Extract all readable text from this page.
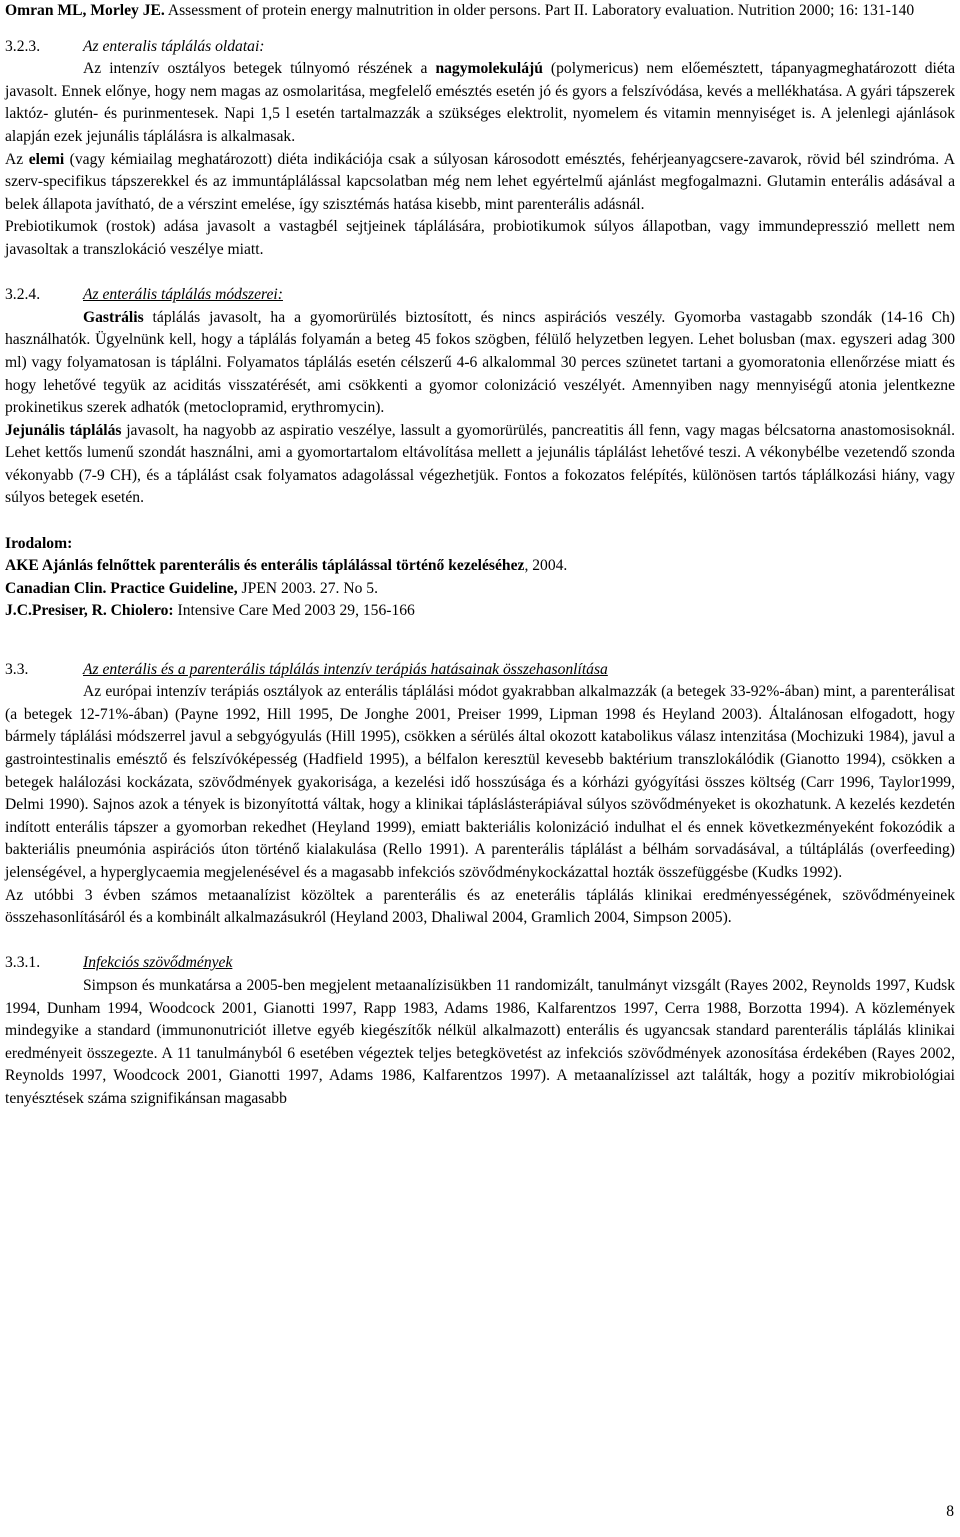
Omran ML, Morley JE. Assessment of protein energy malnutrition in older persons. Part II. Laboratory evaluation. Nutrition 2000; 16: 131-140

3.2.3.	Az enteralis táplálás oldatai:

Az intenzív osztályos betegek túlnyomó részének a nagymolekulájú (polymericus) nem előemésztett, tápanyagmeghatározott diéta javasolt. Ennek előnye, hogy nem magas az osmolaritása, megfelelő emésztés esetén jó és gyors a felszívódása, kevés a mellékhatása. A gyári tápszerek laktóz- glutén- és purinmentesek. Napi 1,5 l esetén tartalmazzák a szükséges elektrolit, nyomelem és vitamin mennyiséget is. A jelenlegi ajánlások alapján ezek jejunális táplálásra is alkalmasak.

Az elemi (vagy kémiailag meghatározott) diéta indikációja csak a súlyosan károsodott emésztés, fehérjeanyagcsere-zavarok, rövid bél szindróma. A szerv-specifikus tápszerekkel és az immuntáplálással kapcsolatban még nem lehet egyértelmű ajánlást megfogalmazni. Glutamin enterális adásával a belek állapota javítható, de a vérszint emelése, így szisztémás hatása kisebb, mint parenterális adásnál.

Prebiotikumok (rostok) adása javasolt a vastagbél sejtjeinek táplálására, probiotikumok súlyos állapotban, vagy immundepresszió mellett nem javasoltak a transzlokáció veszélye miatt.

3.2.4.	Az enterális táplálás módszerei:

Gastrális táplálás javasolt, ha a gyomorürülés biztosított, és nincs aspirációs veszély. Gyomorba vastagabb szondák (14-16 Ch) használhatók. Ügyelnünk kell, hogy a táplálás folyamán a beteg 45 fokos szögben, félülő helyzetben legyen. Lehet bolusban (max. egyszeri adag 300 ml) vagy folyamatosan is táplálni. Folyamatos táplálás esetén célszerű 4-6 alkalommal 30 perces szünetet tartani a gyomoratonia ellenőrzése miatt és hogy lehetővé tegyük az aciditás visszatérését, ami csökkenti a gyomor colonizáció veszélyét. Amennyiben nagy mennyiségű atonia jelentkezne prokinetikus szerek adhatók (metoclopramid, erythromycin).

Jejunális táplálás javasolt, ha nagyobb az aspiratio veszélye, lassult a gyomorürülés, pancreatitis áll fenn, vagy magas bélcsatorna anastomosisoknál. Lehet kettős lumenű szondát használni, ami a gyomortartalom eltávolítása mellett a jejunális táplálást lehetővé teszi. A vékonybélbe vezetendő szonda vékonyabb (7-9 CH), és a táplálást csak folyamatos adagolással végezhetjük. Fontos a fokozatos felépítés, különösen tartós táplálkozási hiány, vagy súlyos betegek esetén.

Irodalom:

AKE Ajánlás felnőttek parenterális és enterális táplálással történő kezeléséhez, 2004.

Canadian Clin. Practice Guideline, JPEN 2003. 27. No 5.

J.C.Presiser, R. Chiolero: Intensive Care Med 2003 29, 156-166

3.3.	Az enterális és a parenterális táplálás intenzív terápiás hatásainak összehasonlítása

Az európai intenzív terápiás osztályok az enterális táplálási módot gyakrabban alkalmazzák (a betegek 33-92%-ában) mint, a parenterálisat (a betegek 12-71%-ában) (Payne 1992, Hill 1995, De Jonghe 2001, Preiser 1999, Lipman 1998 és Heyland 2003). Általánosan elfogadott, hogy bármely táplálási módszerrel javul a sebgyógyulás (Hill 1995), csökken a sérülés által okozott katabolikus válasz intenzitása (Mochizuki 1984), javul a gastrointestinalis emésztő és felszívóképesség (Hadfield 1995), a bélfalon keresztül kevesebb baktérium transzlokálódik (Gianotto 1994), csökken a betegek halálozási kockázata, szövődmények gyakorisága, a kezelési idő hosszúsága és a kórházi gyógyítási összes költség (Carr 1996, Taylor1999, Delmi 1990). Sajnos azok a tények is bizonyítottá váltak, hogy a klinikai tápláslásterápiával súlyos szövődményeket is okozhatunk. A kezelés kezdetén indított enterális tápszer a gyomorban rekedhet (Heyland 1999), emiatt bakteriális kolonizáció indulhat el és ennek következményeként fokozódik a bakteriális pneumónia aspirációs úton történő kialakulása (Rello 1991). A parenterális táplálást a bélhám sorvadásával, a túltáplálás (overfeeding) jelenségével, a hyperglycaemia megjelenésével és a magasabb infekciós szövődménykockázattal hozták összefüggésbe (Kudks 1992).

Az utóbbi 3 évben számos metaanalízist közöltek a parenterális és az eneterális táplálás klinikai eredményességének, szövődményeinek összehasonlításáról és a kombinált alkalmazásukról (Heyland 2003, Dhaliwal 2004, Gramlich 2004, Simpson 2005).

3.3.1.	Infekciós szövődmények

Simpson és munkatársa a 2005-ben megjelent metaanalízisükben 11 randomizált, tanulmányt vizsgált (Rayes 2002, Reynolds 1997, Kudsk 1994, Dunham 1994, Woodcock 2001, Gianotti 1997, Rapp 1983, Adams 1986, Kalfarentzos 1997, Cerra 1988, Borzotta 1994). A közlemények mindegyike a standard (immunonutriciót illetve egyéb kiegészítők nélkül alkalmazott) enterális és ugyancsak standard parenterális táplálás klinikai eredményeit összegezte. A 11 tanulmányból 6 esetében végeztek teljes betegkövetést az infekciós szövődmények azonosítása érdekében (Rayes 2002, Reynolds 1997, Woodcock 2001, Gianotti 1997, Adams 1986, Kalfarentzos 1997). A metaanalízissel azt találták, hogy a pozitív mikrobiológiai tenyésztések száma szignifikánsan magasabb

8
